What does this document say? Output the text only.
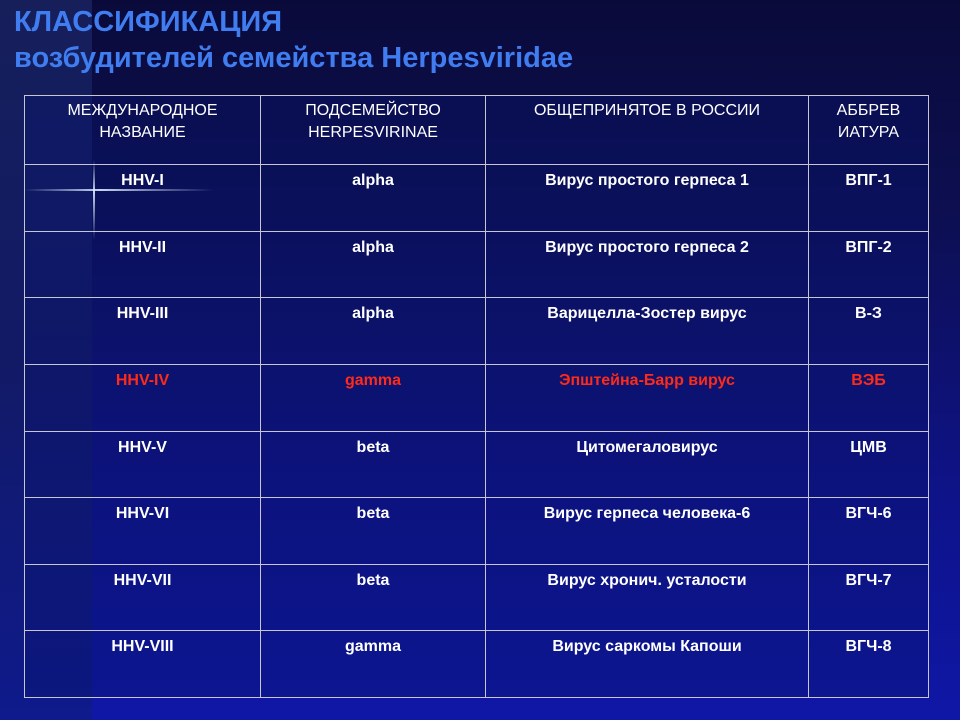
КЛАССИФИКАЦИЯ
возбудителей семейства Herpesviridae
МЕЖДУНАРОДНОЕ НАЗВАНИЕ	ПОДСЕМЕЙСТВО HERPESVIRINAE	ОБЩЕПРИНЯТОЕ В РОССИИ	АББРЕВ ИАТУРА
HHV-I	alpha	Вирус простого герпеса 1	ВПГ-1
HHV-II	alpha	Вирус простого герпеса 2	ВПГ-2
HHV-III	alpha	Варицелла-Зостер вирус	В-З
HHV-IV	gamma	Эпштейна-Барр вирус	ВЭБ
HHV-V	beta	Цитомегаловирус	ЦМВ
HHV-VI	beta	Вирус герпеса человека-6	ВГЧ-6
HHV-VII	beta	Вирус хронич. усталости	ВГЧ-7
HHV-VIII	gamma	Вирус саркомы Капоши	ВГЧ-8
